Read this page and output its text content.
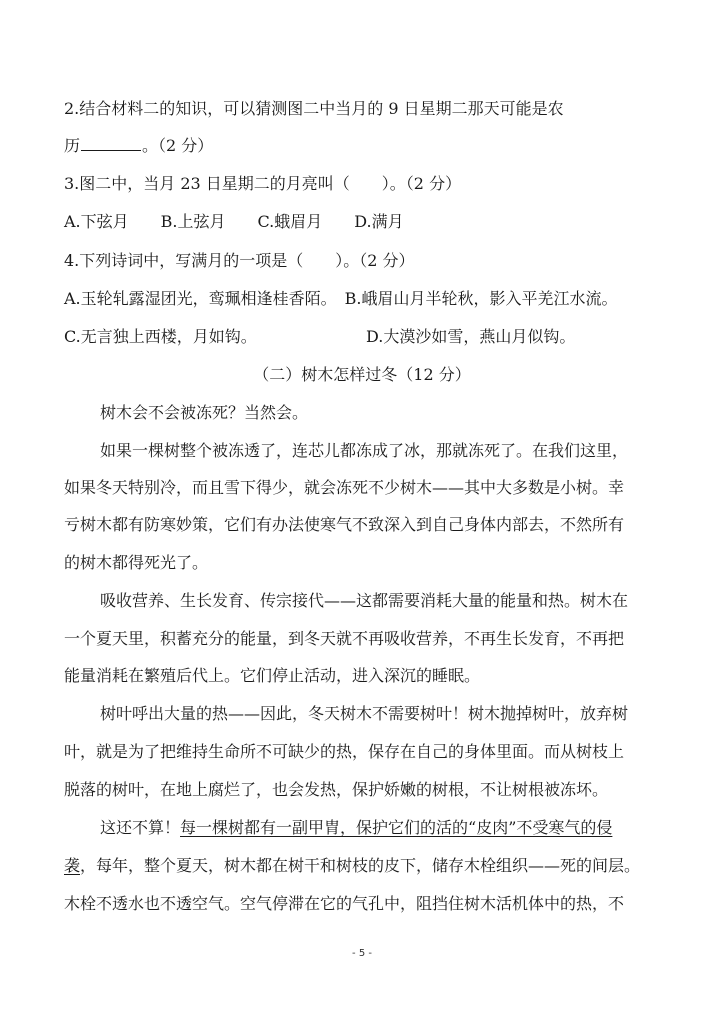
2.结合材料二的知识，可以猜测图二中当月的 9 日星期二那天可能是农
历	。（2 分）
3.图二中，当月 23 日星期二的月亮叫（　　）。（2 分）
A.下弦月　　B.上弦月　　C.蛾眉月　　D.满月
4.下列诗词中，写满月的一项是（　　）。（2 分）
A.玉轮轧露湿团光，鸾珮相逢桂香陌。 B.峨眉山月半轮秋，影入平羌江水流。
C.无言独上西楼，月如钩。	D.大漠沙如雪，燕山月似钩。
（二）树木怎样过冬（12 分）
树木会不会被冻死？当然会。
如果一棵树整个被冻透了，连芯儿都冻成了冰，那就冻死了。在我们这里，
如果冬天特别冷，而且雪下得少，就会冻死不少树木——其中大多数是小树。幸
亏树木都有防寒妙策，它们有办法使寒气不致深入到自己身体内部去，不然所有
的树木都得死光了。
吸收营养、生长发育、传宗接代——这都需要消耗大量的能量和热。树木在
一个夏天里，积蓄充分的能量，到冬天就不再吸收营养，不再生长发育，不再把
能量消耗在繁殖后代上。它们停止活动，进入深沉的睡眠。
树叶呼出大量的热——因此，冬天树木不需要树叶！树木抛掉树叶，放弃树
叶，就是为了把维持生命所不可缺少的热，保存在自己的身体里面。而从树枝上
脱落的树叶，在地上腐烂了，也会发热，保护娇嫩的树根，不让树根被冻坏。
这还不算！每一棵树都有一副甲胄，保护它们的活的“皮肉”不受寒气的侵
袭，每年，整个夏天，树木都在树干和树枝的皮下，储存木栓组织——死的间层。
木栓不透水也不透空气。空气停滞在它的气孔中，阻挡住树木活机体中的热，不
- 5 -
